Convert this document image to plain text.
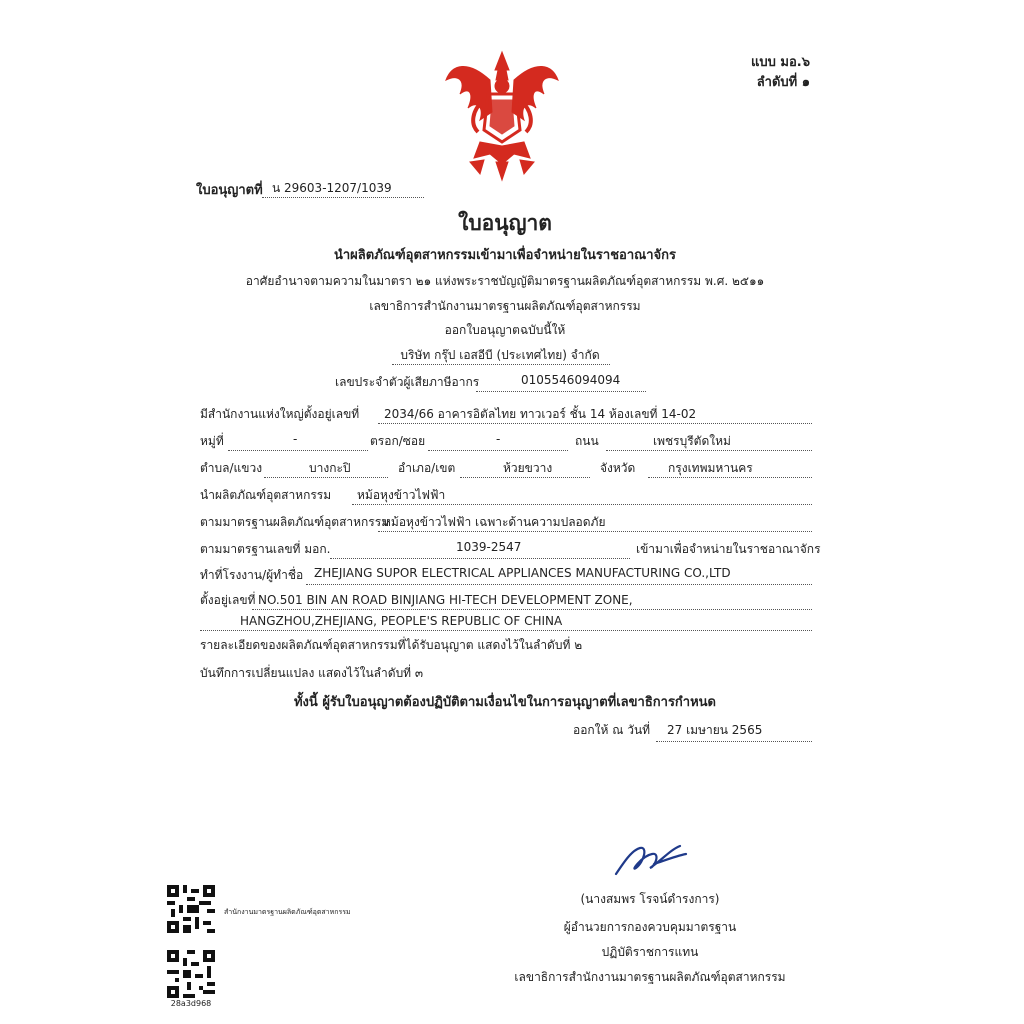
แบบ มอ.๖
ลำดับที่ ๑
ใบอนุญาตที่ น 29603-1207/1039
ใบอนุญาต
นำผลิตภัณฑ์อุตสาหกรรมเข้ามาเพื่อจำหน่ายในราชอาณาจักร
อาศัยอำนาจตามความในมาตรา ๒๑ แห่งพระราชบัญญัติมาตรฐานผลิตภัณฑ์อุตสาหกรรม พ.ศ. ๒๕๑๑
เลขาธิการสำนักงานมาตรฐานผลิตภัณฑ์อุตสาหกรรม
ออกใบอนุญาตฉบับนี้ให้
บริษัท กรุ๊ป เอสอีบี (ประเทศไทย) จำกัด
เลขประจำตัวผู้เสียภาษีอากร	0105546094094
มีสำนักงานแห่งใหญ่ตั้งอยู่เลขที่ 2034/66 อาคารอิตัลไทย ทาวเวอร์ ชั้น 14 ห้องเลขที่ 14-02
หมู่ที่	-	ตรอก/ซอย	-	ถนน	เพชรบุรีตัดใหม่
ตำบล/แขวง	บางกะปิ	อำเภอ/เขต	ห้วยขวาง	จังหวัด	กรุงเทพมหานคร
นำผลิตภัณฑ์อุตสาหกรรม หม้อหุงข้าวไฟฟ้า
ตามมาตรฐานผลิตภัณฑ์อุตสาหกรรม
หม้อหุงข้าวไฟฟ้า เฉพาะด้านความปลอดภัย
ตามมาตรฐานเลขที่ มอก.	1039-2547	เข้ามาเพื่อจำหน่ายในราชอาณาจักร
ทำที่โรงงาน/ผู้ทำชื่อ ZHEJIANG SUPOR ELECTRICAL APPLIANCES MANUFACTURING CO.,LTD
ตั้งอยู่เลขที่ NO.501 BIN AN ROAD BINJIANG HI-TECH DEVELOPMENT ZONE,
HANGZHOU,ZHEJIANG, PEOPLE'S REPUBLIC OF CHINA
รายละเอียดของผลิตภัณฑ์อุตสาหกรรมที่ได้รับอนุญาต แสดงไว้ในลำดับที่ ๒
บันทึกการเปลี่ยนแปลง แสดงไว้ในลำดับที่ ๓
ทั้งนี้ ผู้รับใบอนุญาตต้องปฏิบัติตามเงื่อนไขในการอนุญาตที่เลขาธิการกำหนด
ออกให้ ณ วันที่ 27 เมษายน 2565
(นางสมพร โรจน์ดำรงการ)
ผู้อำนวยการกองควบคุมมาตรฐาน
ปฏิบัติราชการแทน
เลขาธิการสำนักงานมาตรฐานผลิตภัณฑ์อุตสาหกรรม
สำนักงานมาตรฐานผลิตภัณฑ์อุตสาหกรรม
28a3d968
